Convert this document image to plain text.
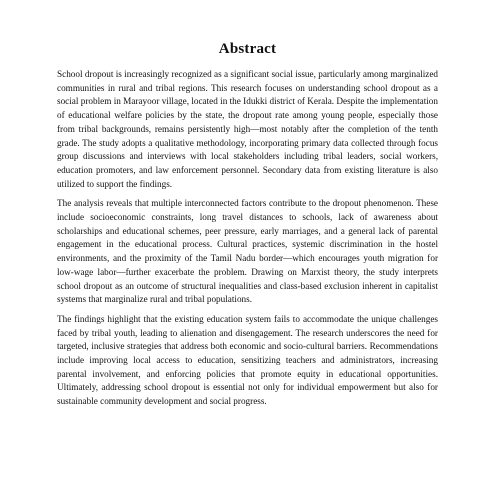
Abstract

School dropout is increasingly recognized as a significant social issue, particularly among marginalized communities in rural and tribal regions. This research focuses on understanding school dropout as a social problem in Marayoor village, located in the Idukki district of Kerala. Despite the implementation of educational welfare policies by the state, the dropout rate among young people, especially those from tribal backgrounds, remains persistently high—most notably after the completion of the tenth grade. The study adopts a qualitative methodology, incorporating primary data collected through focus group discussions and interviews with local stakeholders including tribal leaders, social workers, education promoters, and law enforcement personnel. Secondary data from existing literature is also utilized to support the findings.

The analysis reveals that multiple interconnected factors contribute to the dropout phenomenon. These include socioeconomic constraints, long travel distances to schools, lack of awareness about scholarships and educational schemes, peer pressure, early marriages, and a general lack of parental engagement in the educational process. Cultural practices, systemic discrimination in the hostel environments, and the proximity of the Tamil Nadu border—which encourages youth migration for low-wage labor—further exacerbate the problem. Drawing on Marxist theory, the study interprets school dropout as an outcome of structural inequalities and class-based exclusion inherent in capitalist systems that marginalize rural and tribal populations.

The findings highlight that the existing education system fails to accommodate the unique challenges faced by tribal youth, leading to alienation and disengagement. The research underscores the need for targeted, inclusive strategies that address both economic and socio-cultural barriers. Recommendations include improving local access to education, sensitizing teachers and administrators, increasing parental involvement, and enforcing policies that promote equity in educational opportunities. Ultimately, addressing school dropout is essential not only for individual empowerment but also for sustainable community development and social progress.
